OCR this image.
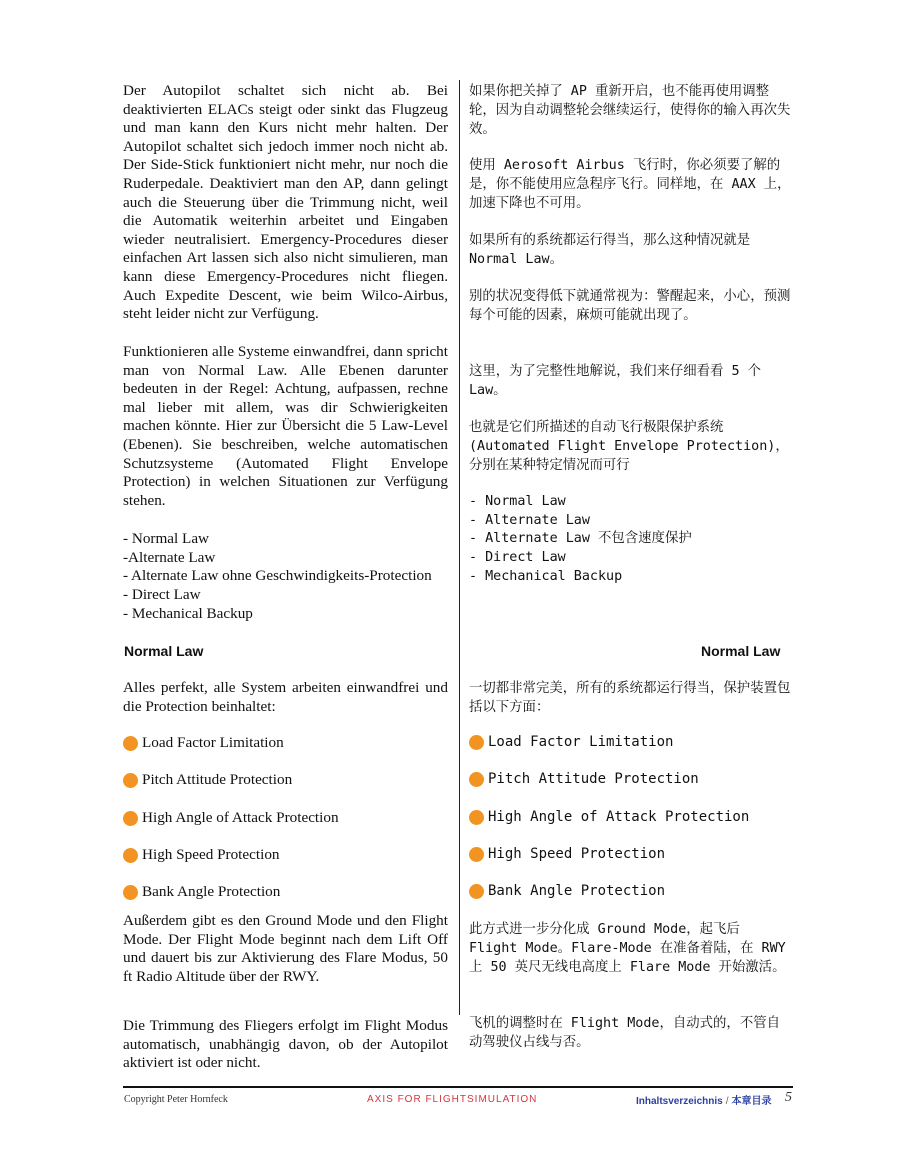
Der Autopilot schaltet sich nicht ab. Bei deaktivierten ELACs steigt oder sinkt das Flugzeug und man kann den Kurs nicht mehr halten. Der Autopilot schaltet sich jedoch immer noch nicht ab. Der Side-Stick funktioniert nicht mehr, nur noch die Ruderpedale. Deaktiviert man den AP, dann gelingt auch die Steuerung über die Trimmung nicht, weil die Automatik weiterhin arbeitet und Eingaben wieder neutralisiert. Emergency-Procedures dieser einfachen Art lassen sich also nicht simulieren, man kann diese Emergency-Procedures nicht fliegen. Auch Expedite Descent, wie beim Wilco-Airbus, steht leider nicht zur Verfügung.

Funktionieren alle Systeme einwandfrei, dann spricht man von Normal Law. Alle Ebenen darunter bedeuten in der Regel: Achtung, aufpassen, rechne mal lieber mit allem, was dir Schwierigkeiten machen könnte. Hier zur Übersicht die 5 Law-Level (Ebenen). Sie beschreiben, welche automatischen Schutzsysteme (Automated Flight Envelope Protection) in welchen Situationen zur Verfügung stehen.

- Normal Law
-Alternate Law
- Alternate Law ohne Geschwindigkeits-Protection
- Direct Law
- Mechanical Backup

Alles perfekt, alle System arbeiten einwandfrei und die Protection beinhaltet:

Außerdem gibt es den Ground Mode und den Flight Mode. Der Flight Mode beginnt nach dem Lift Off und dauert bis zur Aktivierung des Flare Modus, 50 ft Radio Altitude über der RWY.

Die Trimmung des Fliegers erfolgt im Flight Modus automatisch, unabhängig davon, ob der Autopilot aktiviert ist oder nicht.

如果你把关掉了 AP 重新开启，也不能再使用调整轮，因为自动调整轮会继续运行，使得你的输入再次失效。

使用 Aerosoft Airbus 飞行时，你必须要了解的是，你不能使用应急程序飞行。同样地，在 AAX 上，加速下降也不可用。

如果所有的系统都运行得当，那么这种情况就是 Normal Law。

别的状况变得低下就通常视为：警醒起来，小心，预测每个可能的因素，麻烦可能就出现了。

这里，为了完整性地解说，我们来仔细看看 5 个 Law。

也就是它们所描述的自动飞行极限保护系统(Automated Flight Envelope Protection)，分别在某种特定情况而可行

- Normal Law
- Alternate Law
- Alternate Law 不包含速度保护
- Direct Law
- Mechanical Backup

一切都非常完美，所有的系统都运行得当，保护装置包括以下方面：

此方式进一步分化成 Ground Mode，起飞后 Flight Mode。Flare-Mode 在准备着陆，在 RWY 上 50 英尺无线电高度上 Flare Mode 开始激活。

飞机的调整时在 Flight Mode，自动式的，不管自动驾驶仪占线与否。

Normal Law	Normal Law
Load Factor Limitation
Pitch Attitude Protection
High Angle of Attack Protection
High Speed Protection
Bank Angle Protection
Load Factor Limitation
Pitch Attitude Protection
High Angle of Attack Protection
High Speed Protection
Bank Angle Protection
Copyright Peter Hornfeck	AXIS FOR FLIGHTSIMULATION	Inhaltsverzeichnis / 本章目录 5
